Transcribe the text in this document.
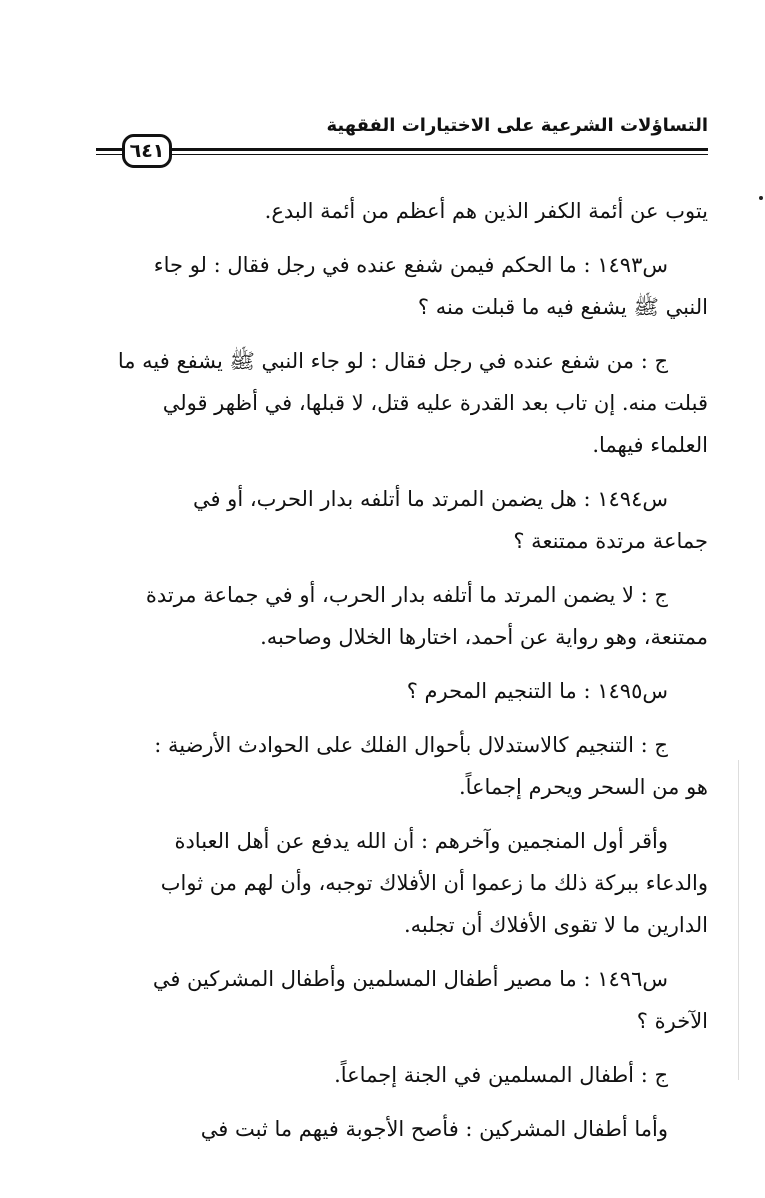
التساؤلات الشرعية على الاختيارات الفقهية
٦٤١
يتوب عن أئمة الكفر الذين هم أعظم من أئمة البدع.
س١٤٩٣ : ما الحكم فيمن شفع عنده في رجل فقال : لو جاء
النبي ﷺ يشفع فيه ما قبلت منه ؟
ج : من شفع عنده في رجل فقال : لو جاء النبي ﷺ يشفع فيه ما
قبلت منه. إن تاب بعد القدرة عليه قتل، لا قبلها، في أظهر قولي
العلماء فيهما.
س١٤٩٤ : هل يضمن المرتد ما أتلفه بدار الحرب، أو في
جماعة مرتدة ممتنعة ؟
ج : لا يضمن المرتد ما أتلفه بدار الحرب، أو في جماعة مرتدة
ممتنعة، وهو رواية عن أحمد، اختارها الخلال وصاحبه.
س١٤٩٥ : ما التنجيم المحرم ؟
ج : التنجيم كالاستدلال بأحوال الفلك على الحوادث الأرضية :
هو من السحر ويحرم إجماعاً.
وأقر أول المنجمين وآخرهم : أن الله يدفع عن أهل العبادة
والدعاء ببركة ذلك ما زعموا أن الأفلاك توجبه، وأن لهم من ثواب
الدارين ما لا تقوى الأفلاك أن تجلبه.
س١٤٩٦ : ما مصير أطفال المسلمين وأطفال المشركين في
الآخرة ؟
ج : أطفال المسلمين في الجنة إجماعاً.
وأما أطفال المشركين : فأصح الأجوبة فيهم ما ثبت في
